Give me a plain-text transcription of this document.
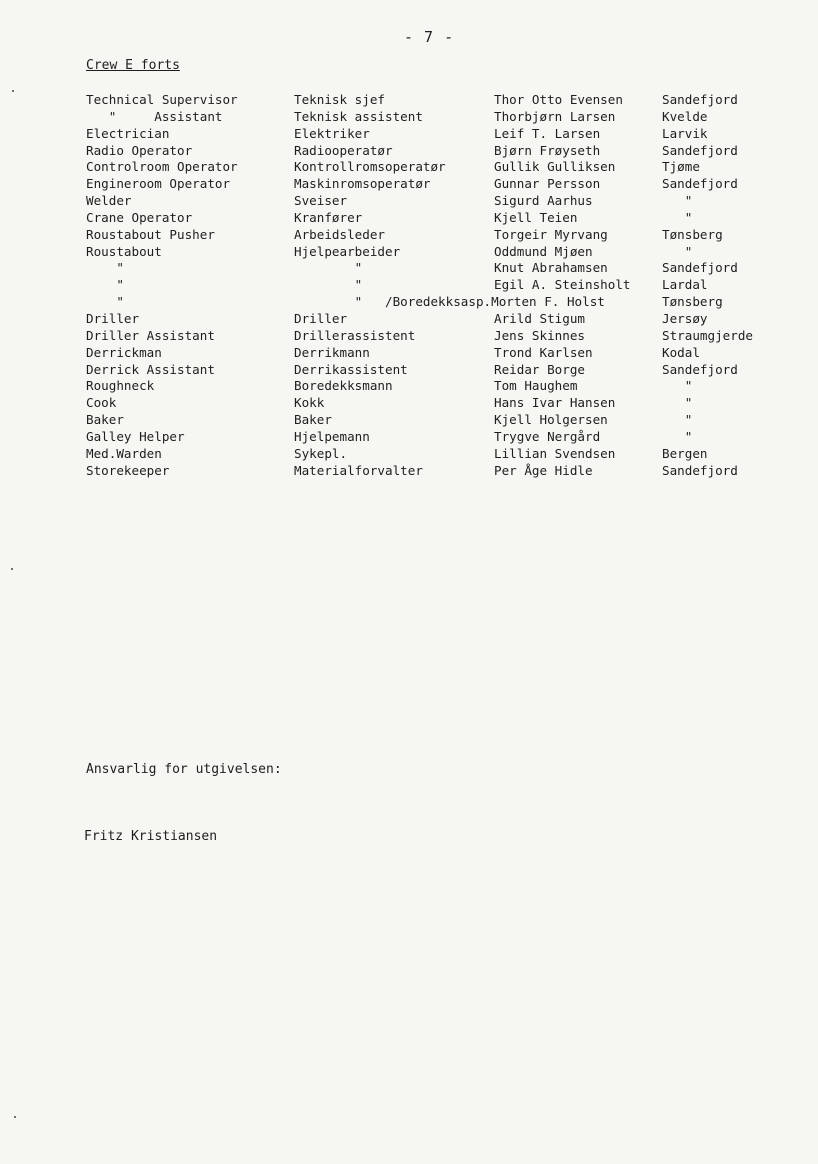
- 7 -
Crew E forts
Technical Supervisor	Teknisk sjef	Thor Otto Evensen	Sandefjord
"     Assistant	Teknisk assistent	Thorbjørn Larsen	Kvelde
Electrician	Elektriker	Leif T. Larsen	Larvik
Radio Operator	Radiooperatør	Bjørn Frøyseth	Sandefjord
Controlroom Operator	Kontrollromsoperatør	Gullik Gulliksen	Tjøme
Engineroom Operator	Maskinromsoperatør	Gunnar Persson	Sandefjord
Welder	Sveiser	Sigurd Aarhus	"
Crane Operator	Kranfører	Kjell Teien	"
Roustabout Pusher	Arbeidsleder	Torgeir Myrvang	Tønsberg
Roustabout	Hjelpearbeider	Oddmund Mjøen	"
"	"	Knut Abrahamsen	Sandefjord
"	"	Egil A. Steinsholt	Lardal
"	"   /Boredekksasp.Morten F. Holst	Tønsberg
Driller	Driller	Arild Stigum	Jersøy
Driller Assistant	Drillerassistent	Jens Skinnes	Straumgjerde
Derrickman	Derrikmann	Trond Karlsen	Kodal
Derrick Assistant	Derrikassistent	Reidar Borge	Sandefjord
Roughneck	Boredekksmann	Tom Haughem	"
Cook	Kokk	Hans Ivar Hansen	"
Baker	Baker	Kjell Holgersen	"
Galley Helper	Hjelpemann	Trygve Nergård	"
Med.Warden	Sykepl.	Lillian Svendsen	Bergen
Storekeeper	Materialforvalter	Per Åge Hidle	Sandefjord
Ansvarlig for utgivelsen:
Fritz Kristiansen
